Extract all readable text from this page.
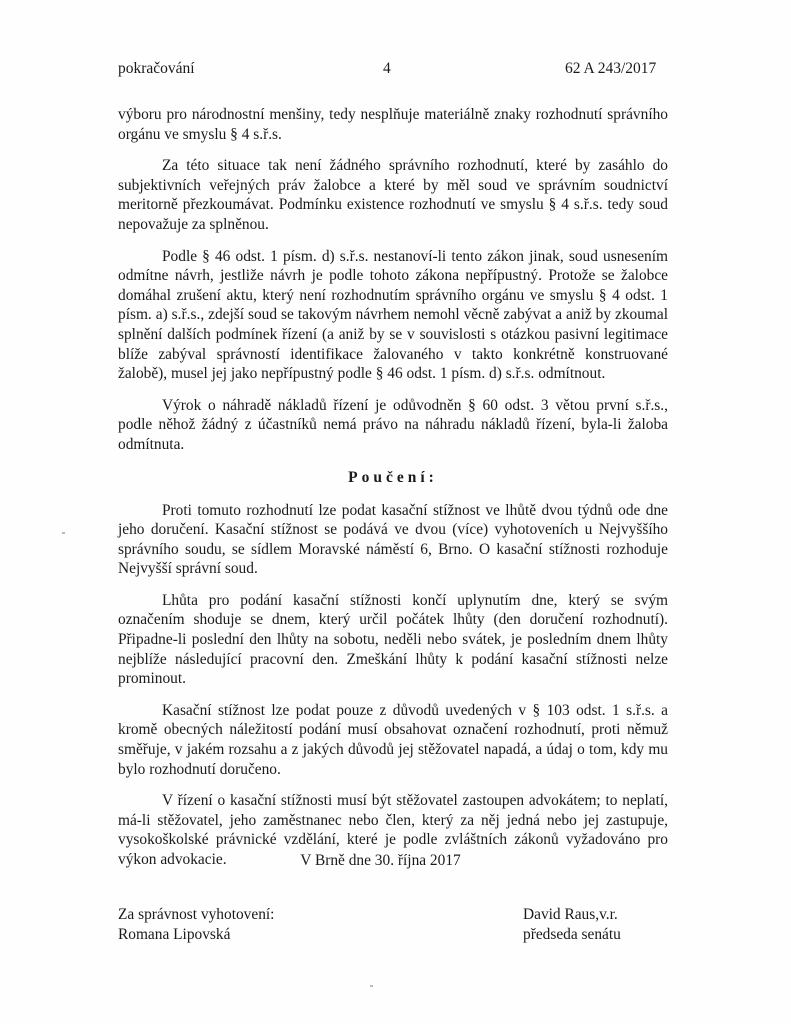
pokračování	4	62 A 243/2017

výboru pro národnostní menšiny, tedy nesplňuje materiálně znaky rozhodnutí správního orgánu ve smyslu § 4 s.ř.s.

Za této situace tak není žádného správního rozhodnutí, které by zasáhlo do subjektivních veřejných práv žalobce a které by měl soud ve správním soudnictví meritorně přezkoumávat. Podmínku existence rozhodnutí ve smyslu § 4 s.ř.s. tedy soud nepovažuje za splněnou.

Podle § 46 odst. 1 písm. d) s.ř.s. nestanoví-li tento zákon jinak, soud usnesením odmítne návrh, jestliže návrh je podle tohoto zákona nepřípustný. Protože se žalobce domáhal zrušení aktu, který není rozhodnutím správního orgánu ve smyslu § 4 odst. 1 písm. a) s.ř.s., zdejší soud se takovým návrhem nemohl věcně zabývat a aniž by zkoumal splnění dalších podmínek řízení (a aniž by se v souvislosti s otázkou pasivní legitimace blíže zabýval správností identifikace žalovaného v takto konkrétně konstruované žalobě), musel jej jako nepřípustný podle § 46 odst. 1 písm. d) s.ř.s. odmítnout.

Výrok o náhradě nákladů řízení je odůvodněn § 60 odst. 3 větou první s.ř.s., podle něhož žádný z účastníků nemá právo na náhradu nákladů řízení, byla-li žaloba odmítnuta.

Poučení:

Proti tomuto rozhodnutí lze podat kasační stížnost ve lhůtě dvou týdnů ode dne jeho doručení. Kasační stížnost se podává ve dvou (více) vyhotoveních u Nejvyššího správního soudu, se sídlem Moravské náměstí 6, Brno. O kasační stížnosti rozhoduje Nejvyšší správní soud.

Lhůta pro podání kasační stížnosti končí uplynutím dne, který se svým označením shoduje se dnem, který určil počátek lhůty (den doručení rozhodnutí). Připadne-li poslední den lhůty na sobotu, neděli nebo svátek, je posledním dnem lhůty nejblíže následující pracovní den. Zmeškání lhůty k podání kasační stížnosti nelze prominout.

Kasační stížnost lze podat pouze z důvodů uvedených v § 103 odst. 1 s.ř.s. a kromě obecných náležitostí podání musí obsahovat označení rozhodnutí, proti němuž směřuje, v jakém rozsahu a z jakých důvodů jej stěžovatel napadá, a údaj o tom, kdy mu bylo rozhodnutí doručeno.

V řízení o kasační stížnosti musí být stěžovatel zastoupen advokátem; to neplatí, má-li stěžovatel, jeho zaměstnanec nebo člen, který za něj jedná nebo jej zastupuje, vysokoškolské právnické vzdělání, které je podle zvláštních zákonů vyžadováno pro výkon advokacie.	V Brně dne 30. října 2017
Za správnost vyhotovení:
Romana Lipovská
David Raus,v.r.
předseda senátu
